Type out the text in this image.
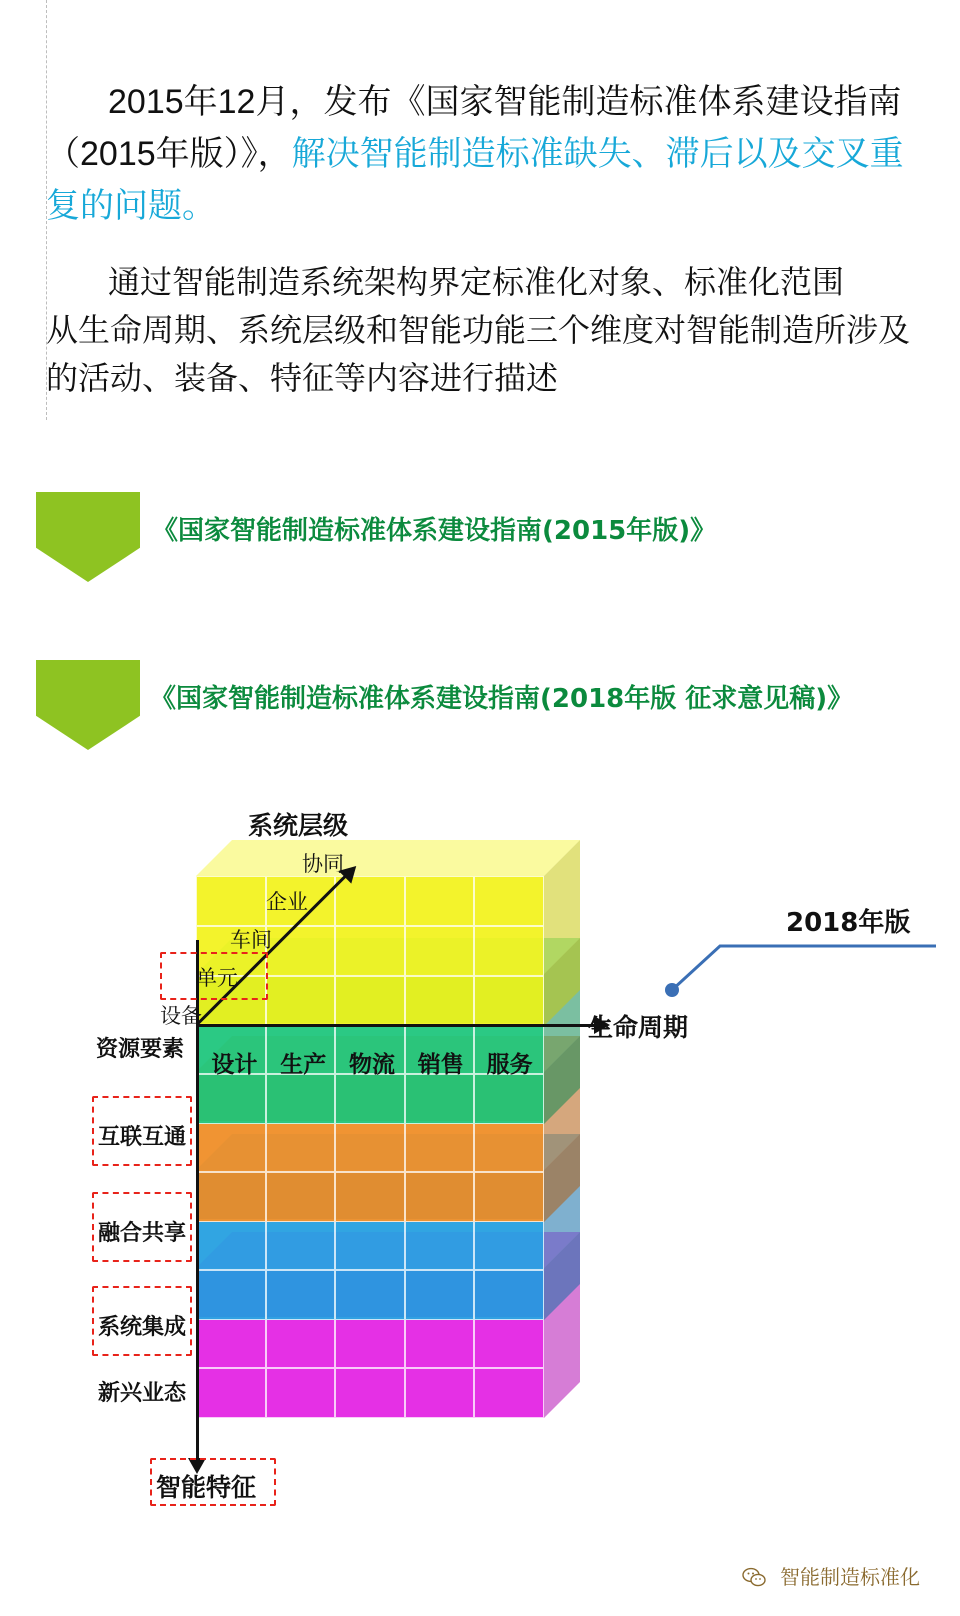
2015年12月，发布《国家智能制造标准体系建设指南（2015年版）》，解决智能制造标准缺失、滞后以及交叉重复的问题。
通过智能制造系统架构界定标准化对象、标准化范围
从生命周期、系统层级和智能功能三个维度对智能制造所涉及的活动、装备、特征等内容进行描述
《国家智能制造标准体系建设指南(2015年版)》
《国家智能制造标准体系建设指南(2018年版 征求意见稿)》
系统层级
生命周期
协同
企业
车间
单元
设备
设计 生产 物流 销售 服务
资源要素
互联互通
融合共享
系统集成
新兴业态
智能特征
2018年版
智能制造标准化
